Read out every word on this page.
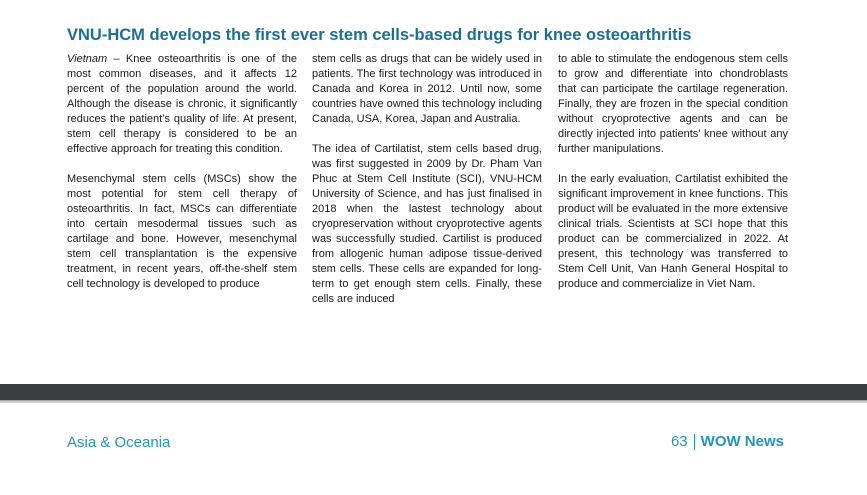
VNU-HCM develops the first ever stem cells-based drugs for knee osteoarthritis

Vietnam – Knee osteoarthritis is one of the most common diseases, and it affects 12 percent of the population around the world. Although the disease is chronic, it significantly reduces the patient’s quality of life. At present, stem cell therapy is considered to be an effective approach for treating this condition.

Mesenchymal stem cells (MSCs) show the most potential for stem cell therapy of osteoarthritis. In fact, MSCs can differentiate into certain mesodermal tissues such as cartilage and bone. However, mesenchymal stem cell transplantation is the expensive treatment, in recent years, off-the-shelf stem cell technology is developed to produce

stem cells as drugs that can be widely used in patients. The first technology was introduced in Canada and Korea in 2012. Until now, some countries have owned this technology including Canada, USA, Korea, Japan and Australia.

The idea of Cartilatist, stem cells based drug, was first suggested in 2009 by Dr. Pham Van Phuc at Stem Cell Institute (SCI), VNU-HCM University of Science, and has just finalised in 2018 when the lastest technology about cryopreservation without cryoprotective agents was successfully studied. Cartilist is produced from allogenic human adipose tissue-derived stem cells. These cells are expanded for long-term to get enough stem cells. Finally, these cells are induced

to able to stimulate the endogenous stem cells to grow and differentiate into chondroblasts that can participate the cartilage regeneration. Finally, they are frozen in the special condition without cryoprotective agents and can be directly injected into patients’ knee without any further manipulations.

In the early evaluation, Cartilatist exhibited the significant improvement in knee functions. This product will be evaluated in the more extensive clinical trials. Scientists at SCI hope that this product can be commercialized in 2022. At present, this technology was transferred to Stem Cell Unit, Van Hanh General Hospital to produce and commercialize in Viet Nam.

Asia & Oceania	63 WOW News
